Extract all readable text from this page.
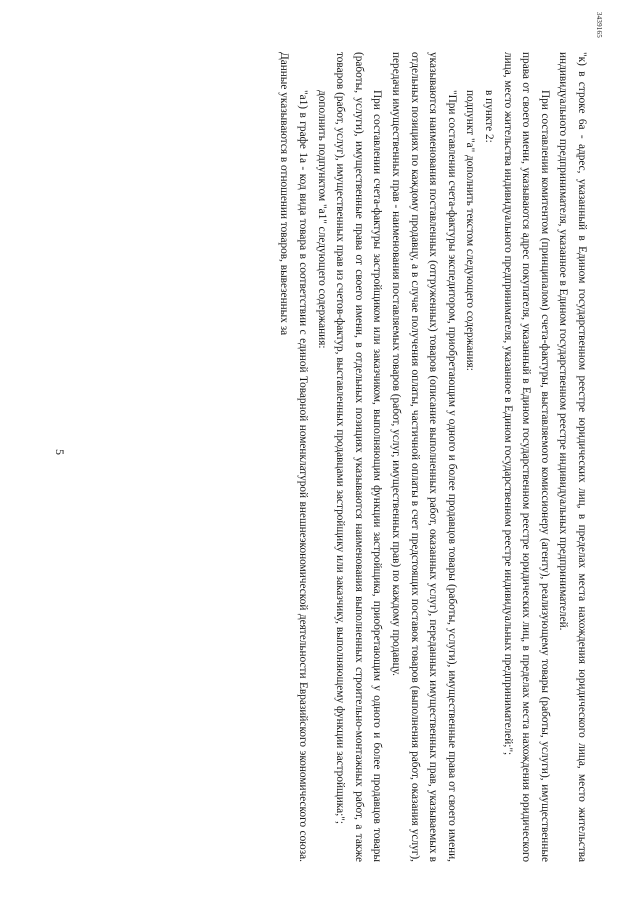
3439165

"к) в строке 6а - адрес, указанный в Едином государственном реестре юридических лиц, в пределах места нахождения юридического лица, место жительства индивидуального предпринимателя, указанное в Едином государственном реестре индивидуальных предпринимателей.

При составлении комитентом (принципалом) счета-фактуры, выставляемого комиссионеру (агенту), реализующему товары (работы, услуги), имущественные права от своего имени, указываются адрес покупателя, указанный в Едином государственном реестре юридических лиц, в пределах места нахождения юридического лица, место жительства индивидуального предпринимателя, указанное в Едином государственном реестре индивидуальных предпринимателей;";

в пункте 2:

подпункт "а" дополнить текстом следующего содержания:

"При составлении счета-фактуры экспедитором, приобретающим у одного и более продавцов товары (работы, услуги), имущественные права от своего имени, указываются наименования поставленных (отгруженных) товаров (описание выполненных работ, оказанных услуг), переданных имущественных прав, указываемых в отдельных позициях по каждому продавцу, а в случае получения оплаты, частичной оплаты в счет предстоящих поставок товаров (выполнения работ, оказания услуг), передачи имущественных прав - наименования поставляемых товаров (работ, услуг, имущественных прав) по каждому продавцу.

При составлении счета-фактуры застройщиком или заказчиком, выполняющим функции застройщика, приобретающим у одного и более продавцов товары (работы, услуги), имущественные права от своего имени, в отдельных позициях указываются наименования выполненных строительно-монтажных работ, а также товаров (работ, услуг), имущественных прав из счетов-фактур, выставленных продавцами застройщику или заказчику, выполняющему функции застройщика;";

дополнить подпунктом "а1" следующего содержания:

"а1) в графе 1а - код вида товара в соответствии с единой Товарной номенклатурой внешнеэкономической деятельности Евразийского экономического союза. Данные указываются в отношении товаров, вывезенных за

5
